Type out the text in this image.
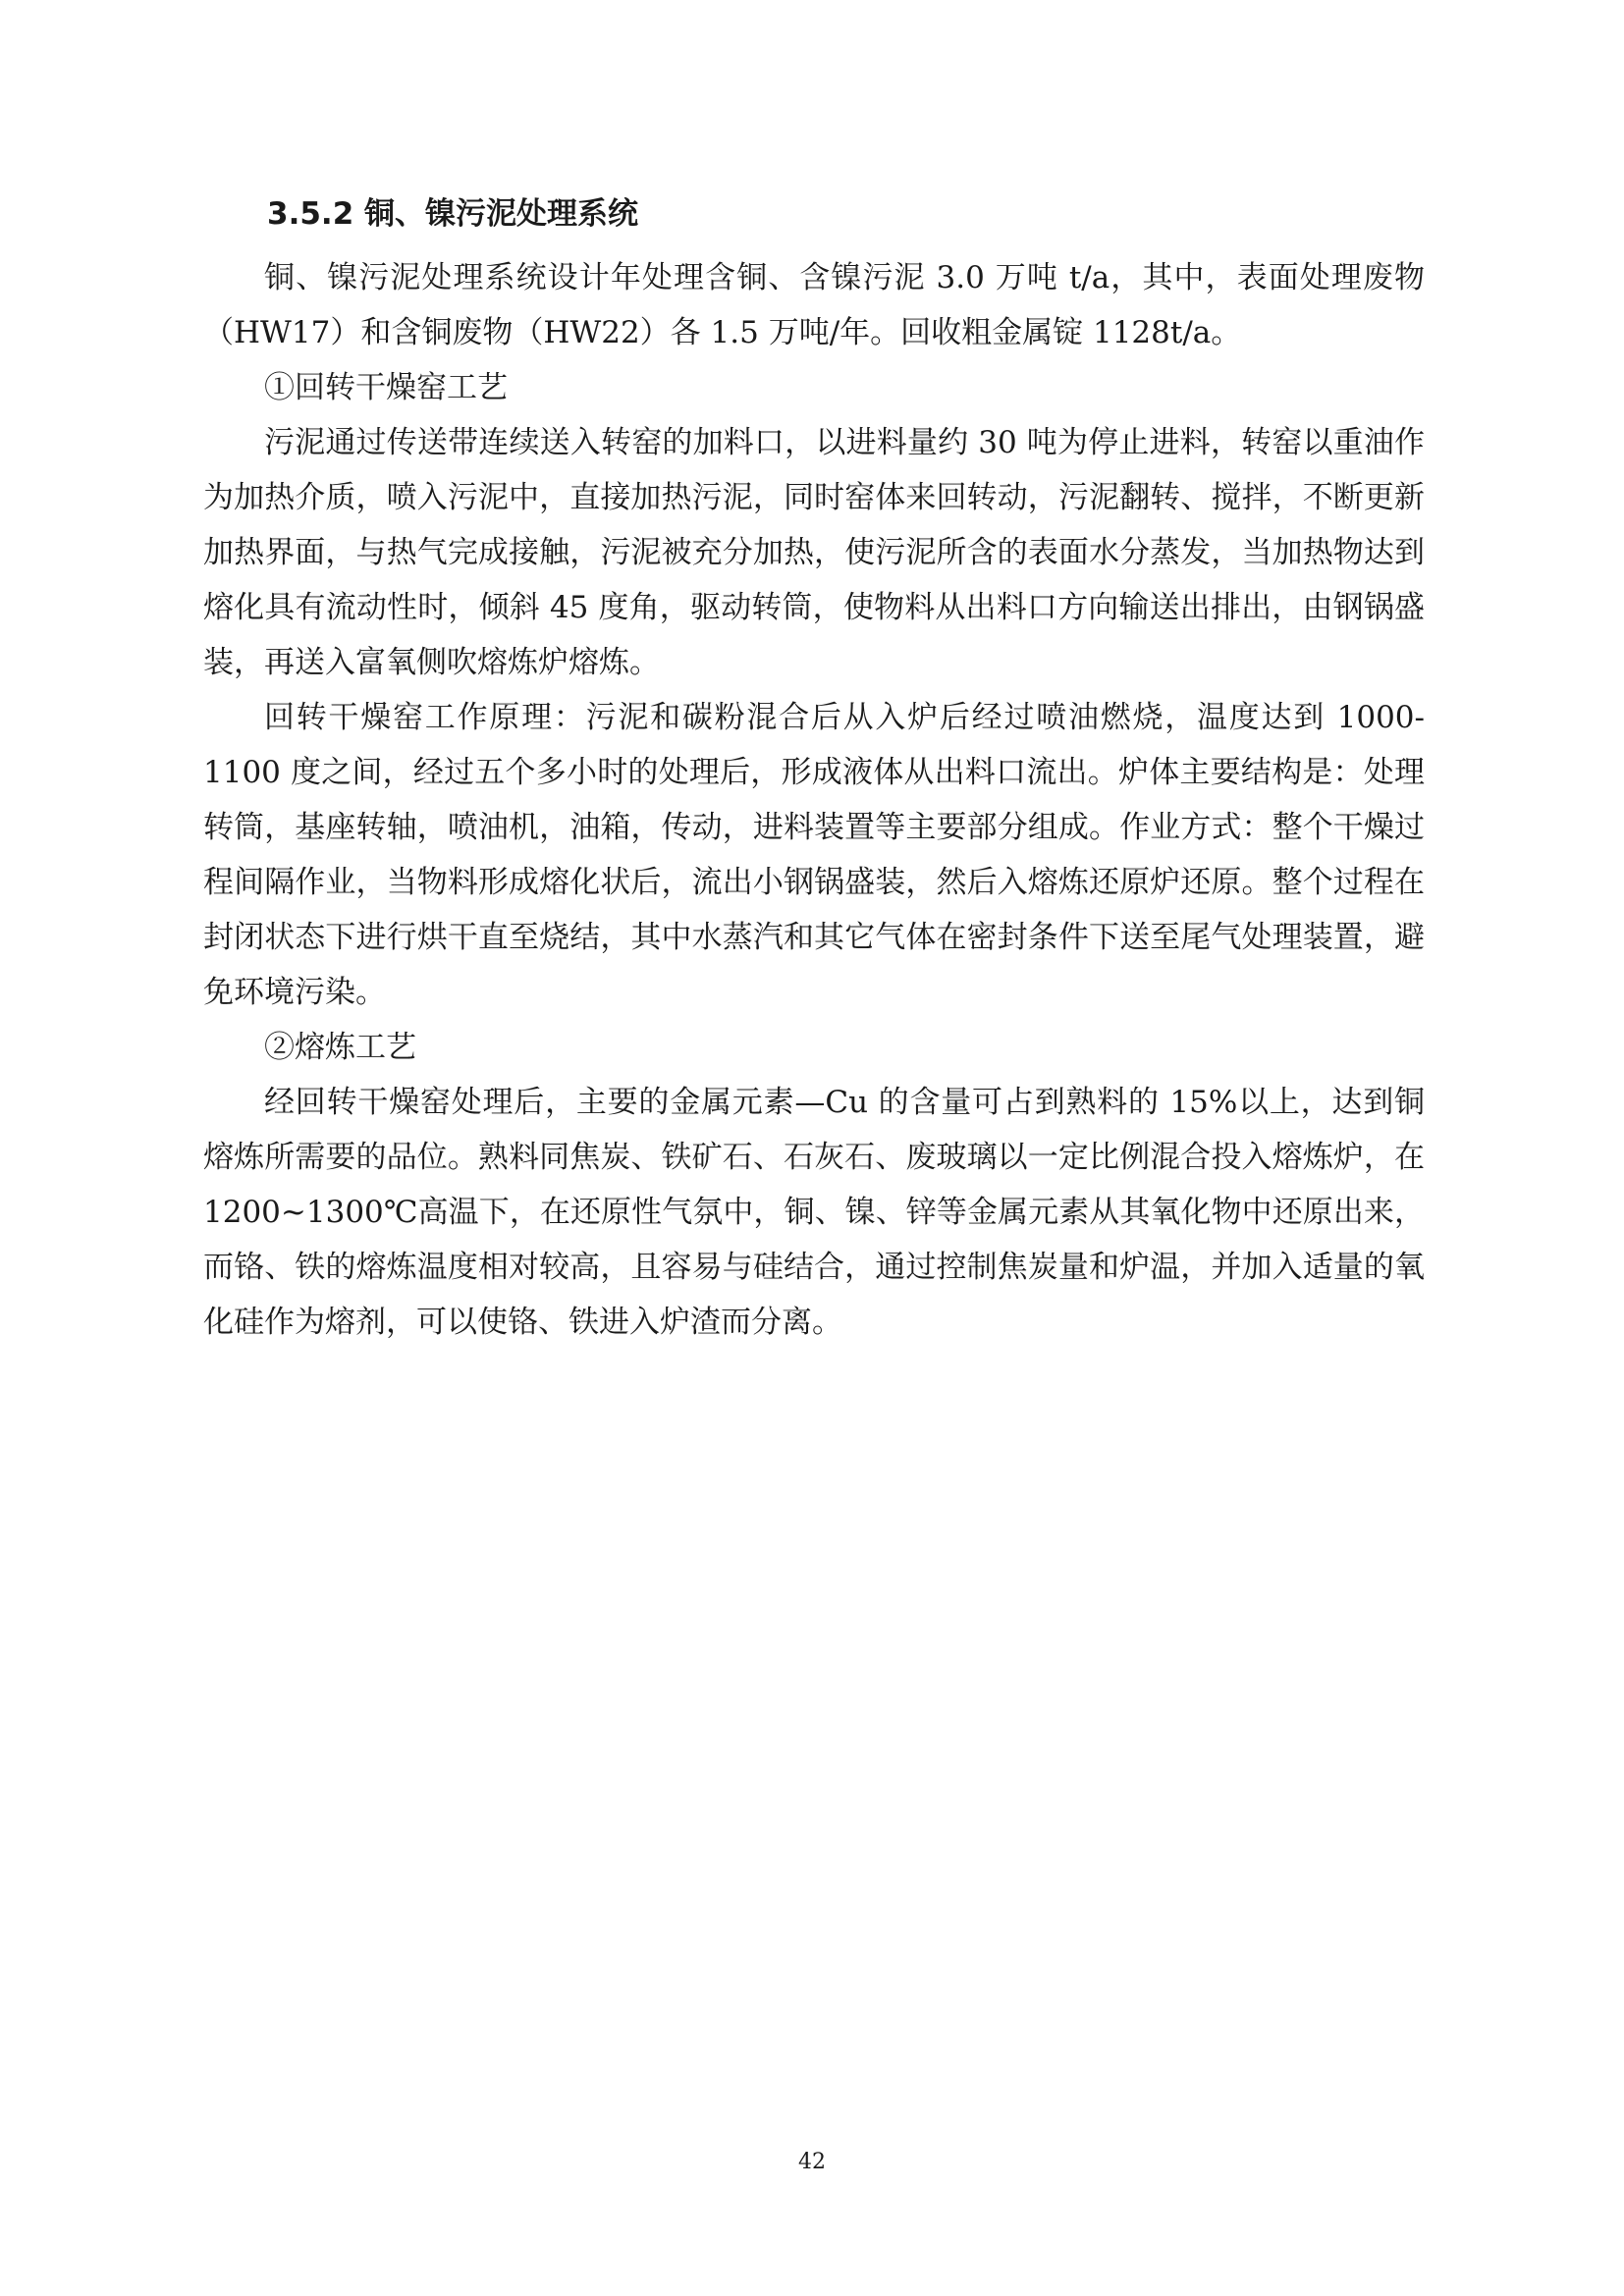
3.5.2 铜、镍污泥处理系统

铜、镍污泥处理系统设计年处理含铜、含镍污泥 3.0 万吨 t/a，其中，表面处理废物（HW17）和含铜废物（HW22）各 1.5 万吨/年。回收粗金属锭 1128t/a。

①回转干燥窑工艺

污泥通过传送带连续送入转窑的加料口，以进料量约 30 吨为停止进料，转窑以重油作为加热介质，喷入污泥中，直接加热污泥，同时窑体来回转动，污泥翻转、搅拌，不断更新加热界面，与热气完成接触，污泥被充分加热，使污泥所含的表面水分蒸发，当加热物达到熔化具有流动性时，倾斜 45 度角，驱动转筒，使物料从出料口方向输送出排出，由钢锅盛装，再送入富氧侧吹熔炼炉熔炼。

回转干燥窑工作原理：污泥和碳粉混合后从入炉后经过喷油燃烧，温度达到 1000-1100 度之间，经过五个多小时的处理后，形成液体从出料口流出。炉体主要结构是：处理转筒，基座转轴，喷油机，油箱，传动，进料装置等主要部分组成。作业方式：整个干燥过程间隔作业，当物料形成熔化状后，流出小钢锅盛装，然后入熔炼还原炉还原。整个过程在封闭状态下进行烘干直至烧结，其中水蒸汽和其它气体在密封条件下送至尾气处理装置，避免环境污染。

②熔炼工艺

经回转干燥窑处理后，主要的金属元素—Cu 的含量可占到熟料的 15%以上，达到铜熔炼所需要的品位。熟料同焦炭、铁矿石、石灰石、废玻璃以一定比例混合投入熔炼炉，在 1200~1300℃高温下，在还原性气氛中，铜、镍、锌等金属元素从其氧化物中还原出来，而铬、铁的熔炼温度相对较高，且容易与硅结合，通过控制焦炭量和炉温，并加入适量的氧化硅作为熔剂，可以使铬、铁进入炉渣而分离。

42
